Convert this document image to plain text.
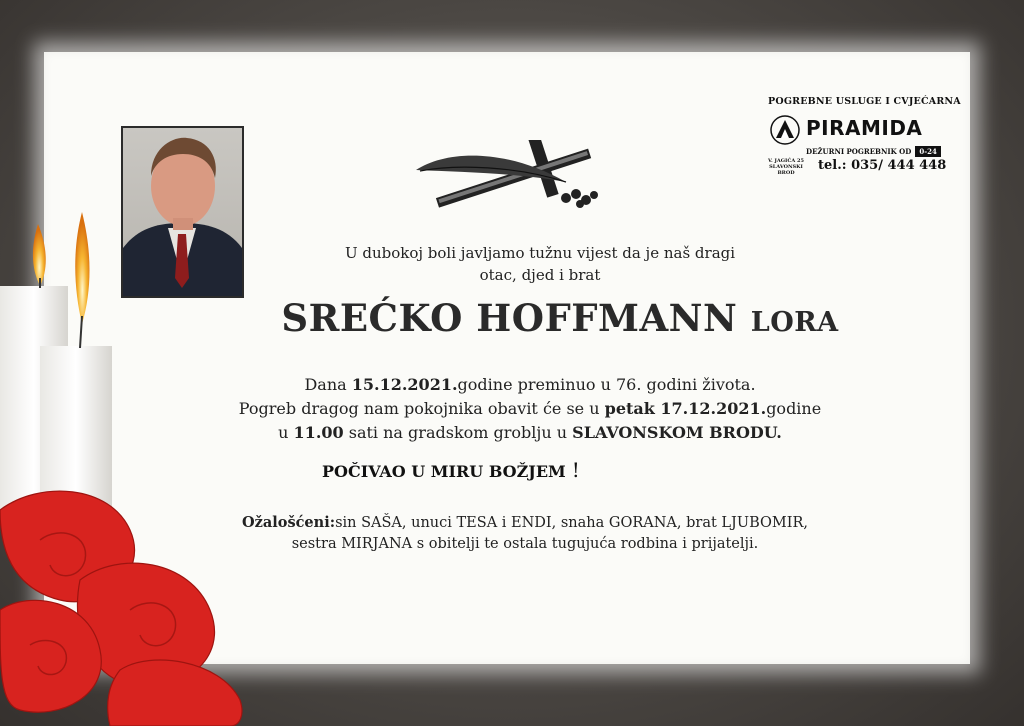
POGREBNE USLUGE I CVJEĆARNA
PIRAMIDA
DEŽURNI POGREBNIK OD 0-24
V. JAGIĆA 25
SLAVONSKI BROD	tel.: 035/ 444 448
U dubokoj boli javljamo tužnu vijest da je naš dragi
otac, djed i brat
SREĆKO HOFFMANN LORA
Dana 15.12.2021.godine preminuo u 76. godini života.
Pogreb dragog nam pokojnika obavit će se u petak 17.12.2021.godine
u 11.00 sati na gradskom groblju u SLAVONSKOM BRODU.
POČIVAO U MIRU BOŽJEM !
Ožalošćeni:sin SAŠA, unuci TESA i ENDI, snaha GORANA, brat LJUBOMIR,
sestra MIRJANA s obitelji te ostala tugujuća rodbina i prijatelji.
